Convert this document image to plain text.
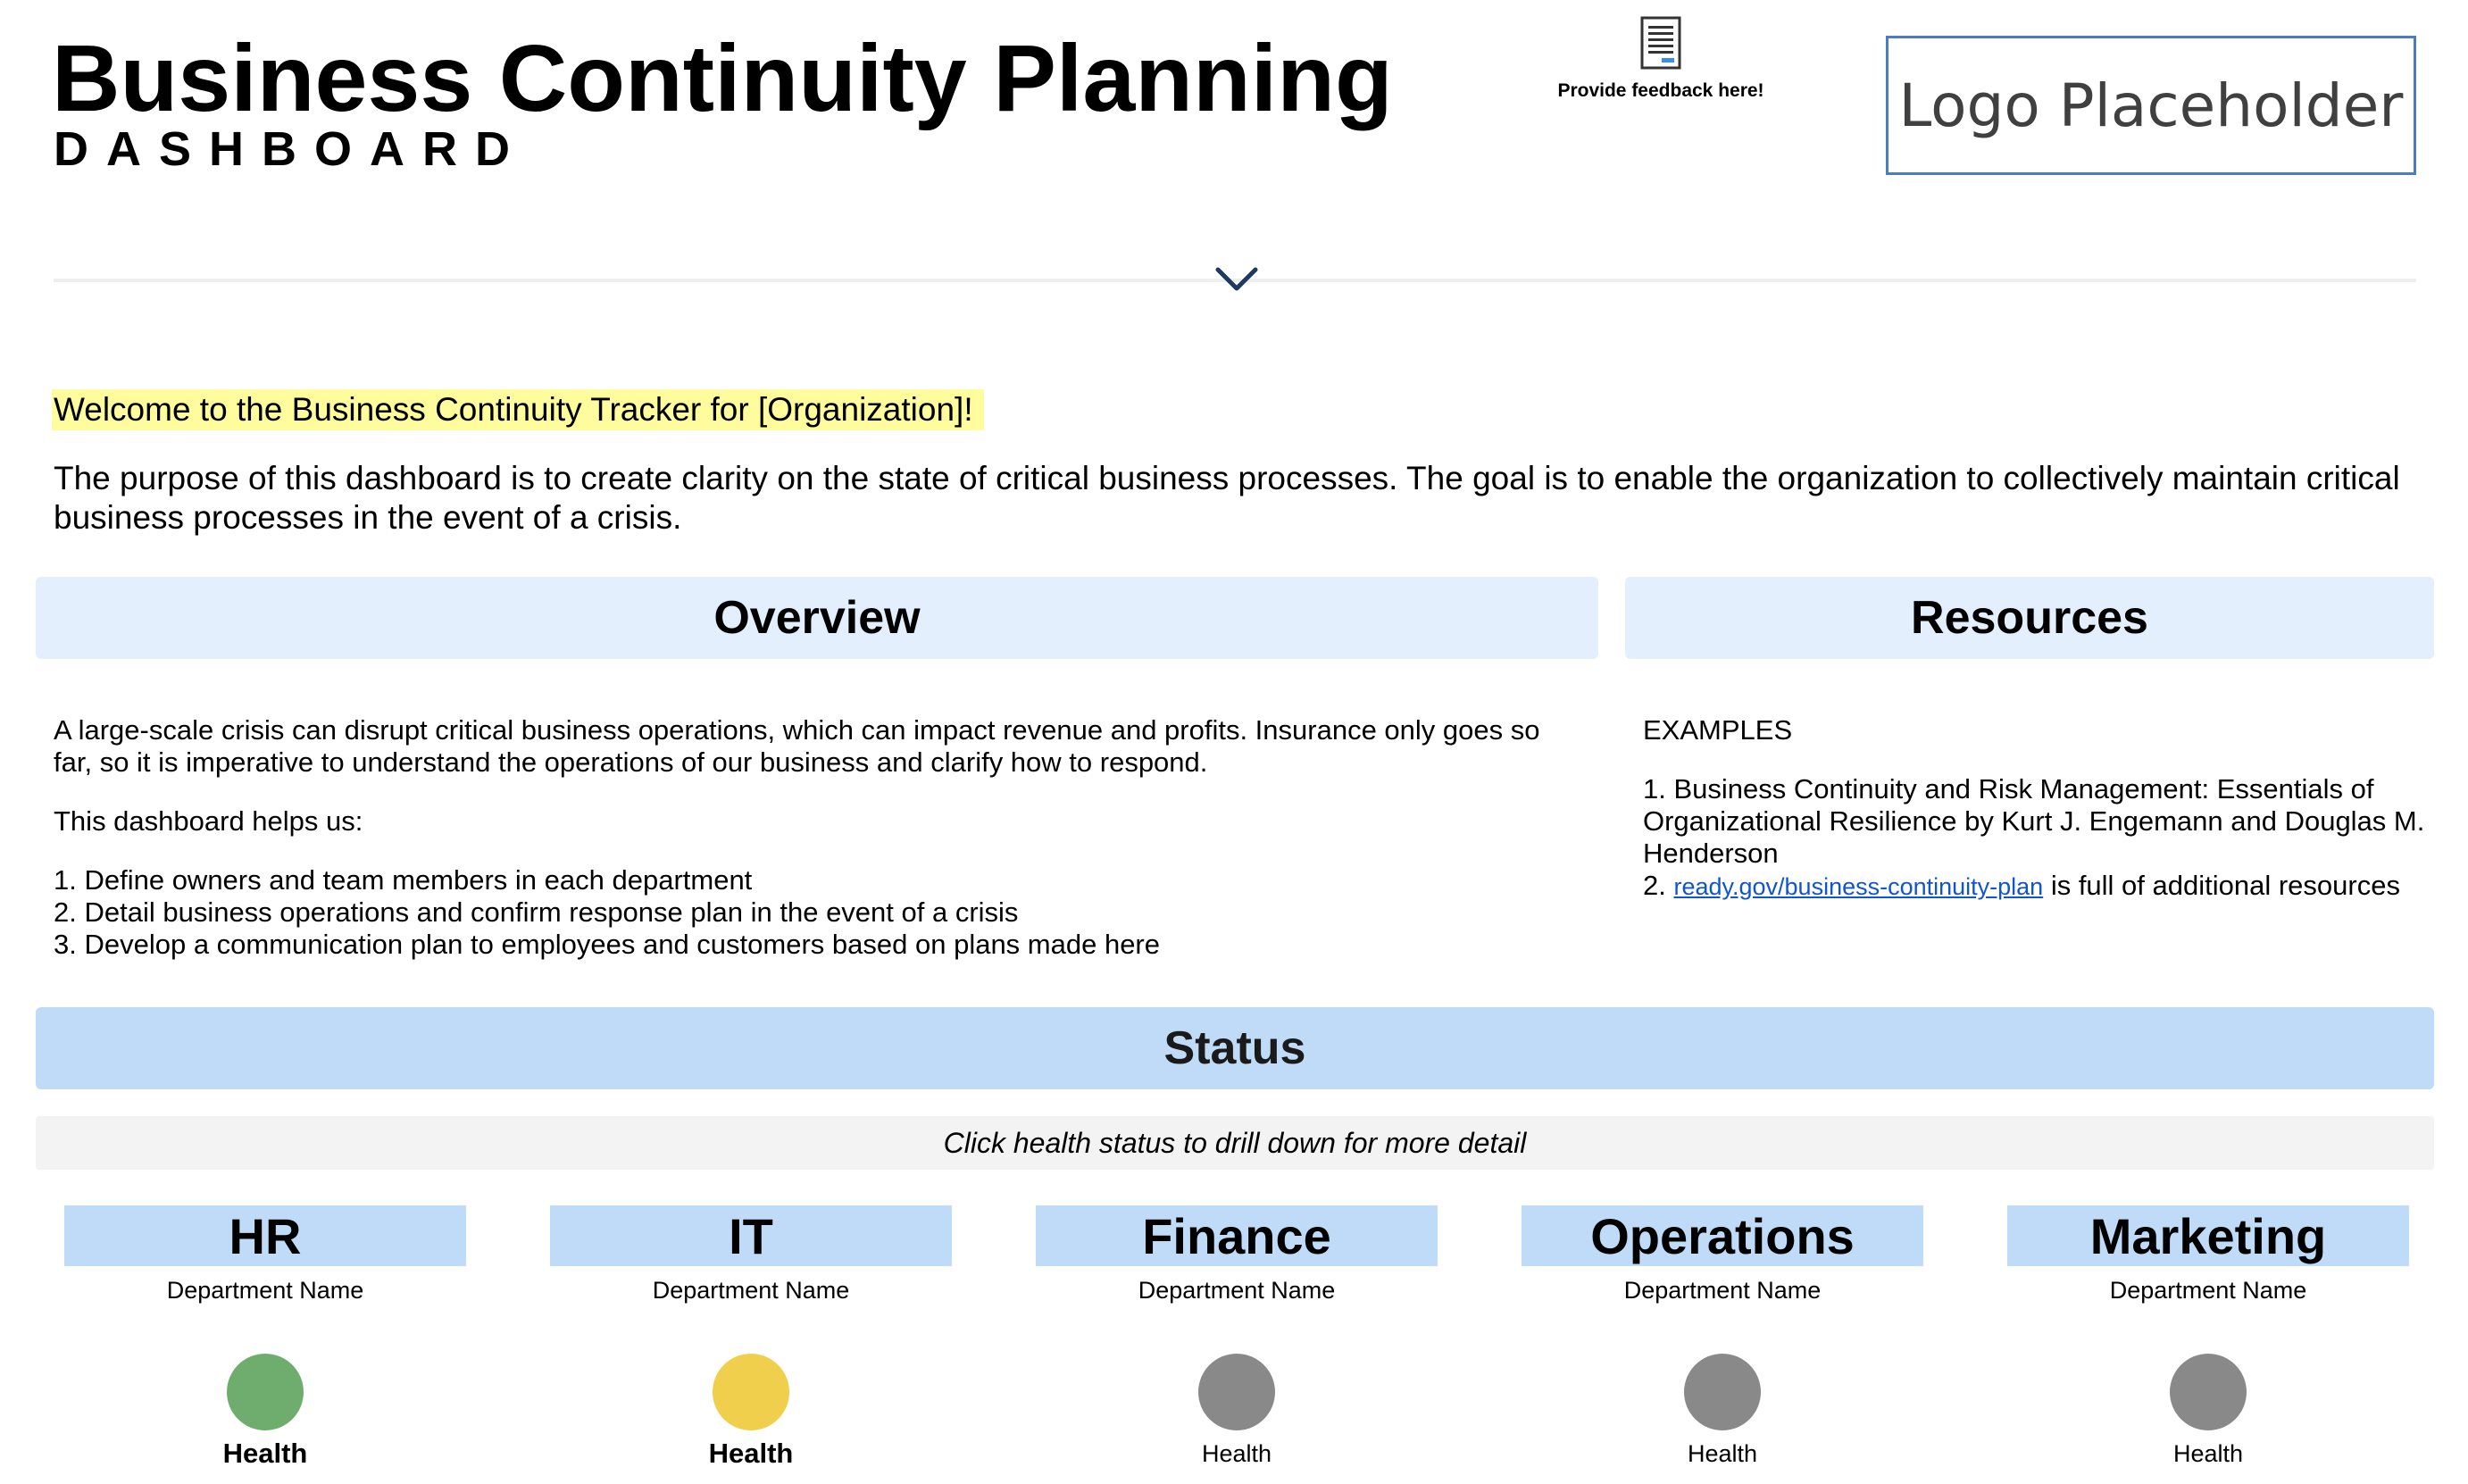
Business Continuity Planning
DASHBOARD
Provide feedback here! Logo Placeholder
Welcome to the Business Continuity Tracker for [Organization]!
The purpose of this dashboard is to create clarity on the state of critical business processes. The goal is to enable the organization to collectively maintain critical business processes in the event of a crisis.
Overview	Resources

A large-scale crisis can disrupt critical business operations, which can impact revenue and profits. Insurance only goes so far, so it is imperative to understand the operations of our business and clarify how to respond.

This dashboard helps us:

1. Define owners and team members in each department
2. Detail business operations and confirm response plan in the event of a crisis
3. Develop a communication plan to employees and customers based on plans made here

EXAMPLES

1. Business Continuity and Risk Management: Essentials of Organizational Resilience by Kurt J. Engemann and Douglas M. Henderson
2. ready.gov/business-continuity-plan is full of additional resources
Status
Click health status to drill down for more detail
HR
Department Name
Health
IT
Department Name
Health
Finance
Department Name
Health
Operations
Department Name
Health
Marketing
Department Name
Health
